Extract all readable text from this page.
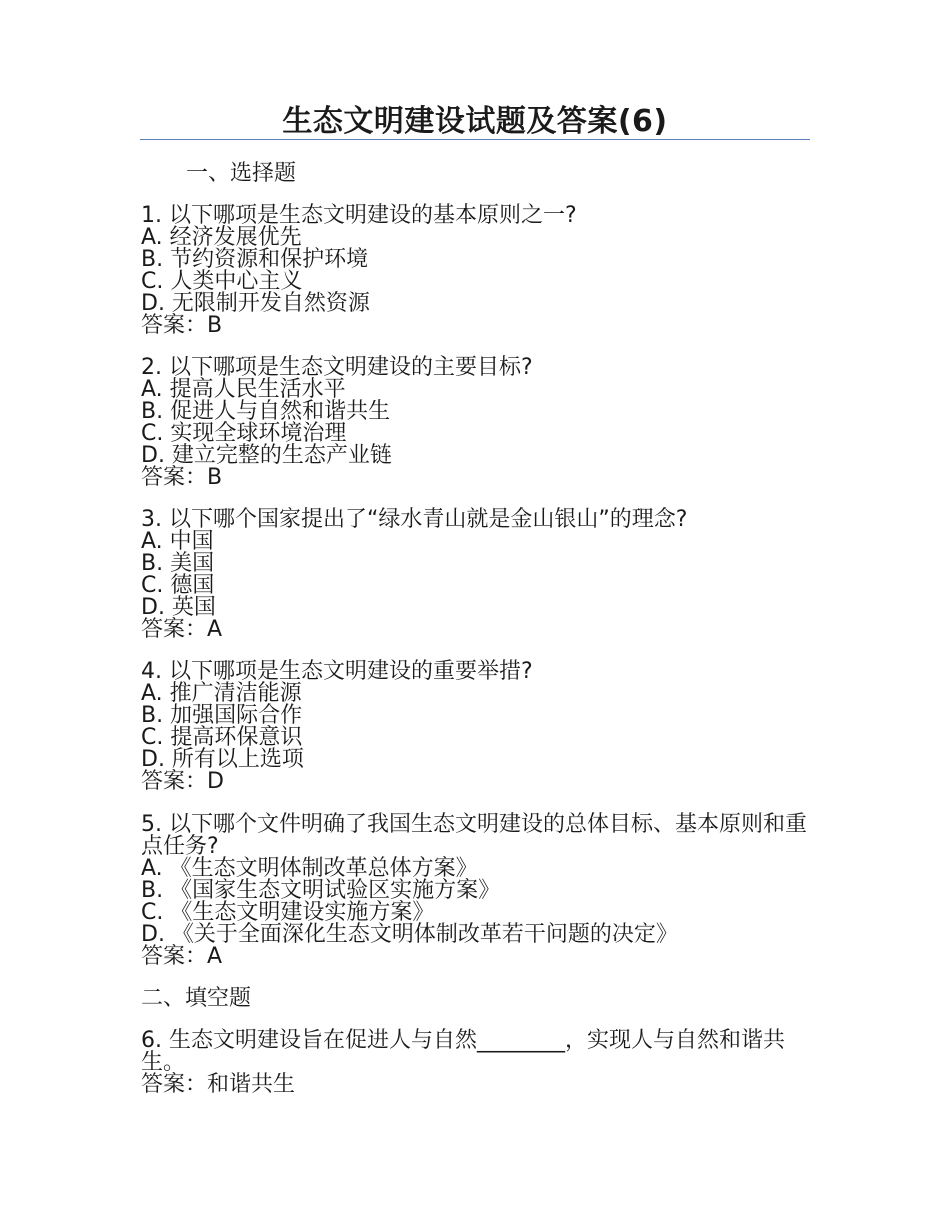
生态文明建设试题及答案(6)
一、选择题
1. 以下哪项是生态文明建设的基本原则之一?
A. 经济发展优先
B. 节约资源和保护环境
C. 人类中心主义
D. 无限制开发自然资源
答案：B
2. 以下哪项是生态文明建设的主要目标?
A. 提高人民生活水平
B. 促进人与自然和谐共生
C. 实现全球环境治理
D. 建立完整的生态产业链
答案：B
3. 以下哪个国家提出了“绿水青山就是金山银山”的理念?
A. 中国
B. 美国
C. 德国
D. 英国
答案：A
4. 以下哪项是生态文明建设的重要举措?
A. 推广清洁能源
B. 加强国际合作
C. 提高环保意识
D. 所有以上选项
答案：D
5. 以下哪个文件明确了我国生态文明建设的总体目标、基本原则和重点任务?
A. 《生态文明体制改革总体方案》
B. 《国家生态文明试验区实施方案》
C. 《生态文明建设实施方案》
D. 《关于全面深化生态文明体制改革若干问题的决定》
答案：A
二、填空题
6. 生态文明建设旨在促进人与自然________，实现人与自然和谐共生。
答案：和谐共生
